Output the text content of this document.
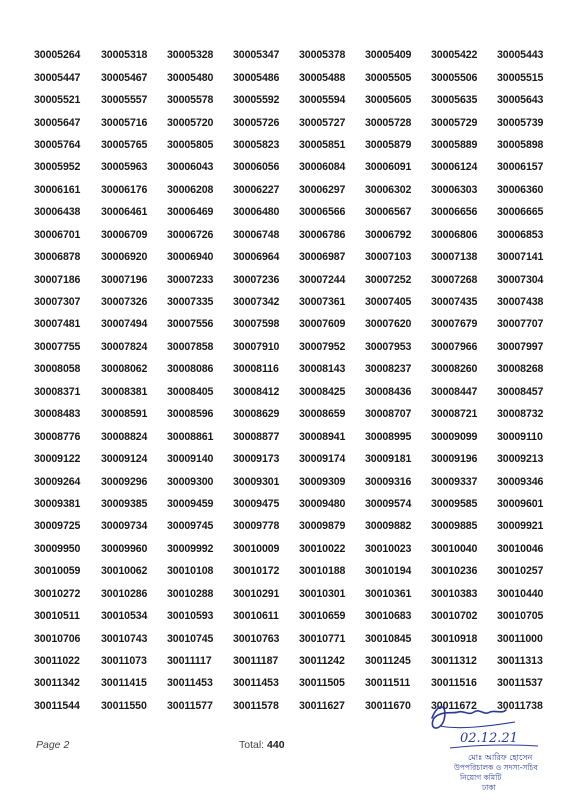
30005264	30005318	30005328	30005347	30005378	30005409	30005422	30005443
30005447	30005467	30005480	30005486	30005488	30005505	30005506	30005515
30005521	30005557	30005578	30005592	30005594	30005605	30005635	30005643
30005647	30005716	30005720	30005726	30005727	30005728	30005729	30005739
30005764	30005765	30005805	30005823	30005851	30005879	30005889	30005898
30005952	30005963	30006043	30006056	30006084	30006091	30006124	30006157
30006161	30006176	30006208	30006227	30006297	30006302	30006303	30006360
30006438	30006461	30006469	30006480	30006566	30006567	30006656	30006665
30006701	30006709	30006726	30006748	30006786	30006792	30006806	30006853
30006878	30006920	30006940	30006964	30006987	30007103	30007138	30007141
30007186	30007196	30007233	30007236	30007244	30007252	30007268	30007304
30007307	30007326	30007335	30007342	30007361	30007405	30007435	30007438
30007481	30007494	30007556	30007598	30007609	30007620	30007679	30007707
30007755	30007824	30007858	30007910	30007952	30007953	30007966	30007997
30008058	30008062	30008086	30008116	30008143	30008237	30008260	30008268
30008371	30008381	30008405	30008412	30008425	30008436	30008447	30008457
30008483	30008591	30008596	30008629	30008659	30008707	30008721	30008732
30008776	30008824	30008861	30008877	30008941	30008995	30009099	30009110
30009122	30009124	30009140	30009173	30009174	30009181	30009196	30009213
30009264	30009296	30009300	30009301	30009309	30009316	30009337	30009346
30009381	30009385	30009459	30009475	30009480	30009574	30009585	30009601
30009725	30009734	30009745	30009778	30009879	30009882	30009885	30009921
30009950	30009960	30009992	30010009	30010022	30010023	30010040	30010046
30010059	30010062	30010108	30010172	30010188	30010194	30010236	30010257
30010272	30010286	30010288	30010291	30010301	30010361	30010383	30010440
30010511	30010534	30010593	30010611	30010659	30010683	30010702	30010705
30010706	30010743	30010745	30010763	30010771	30010845	30010918	30011000
30011022	30011073	30011117	30011187	30011242	30011245	30011312	30011313
30011342	30011415	30011453	30011453	30011505	30011511	30011516	30011537
30011544	30011550	30011577	30011578	30011627	30011670	30011672	30011738
Page 2	Total: 440	02.12.21
মোঃ আরিফ হোসেন
উপপরিচালক ও সদস্য-সচিব
নিয়োগ কমিটি
ঢাকা
